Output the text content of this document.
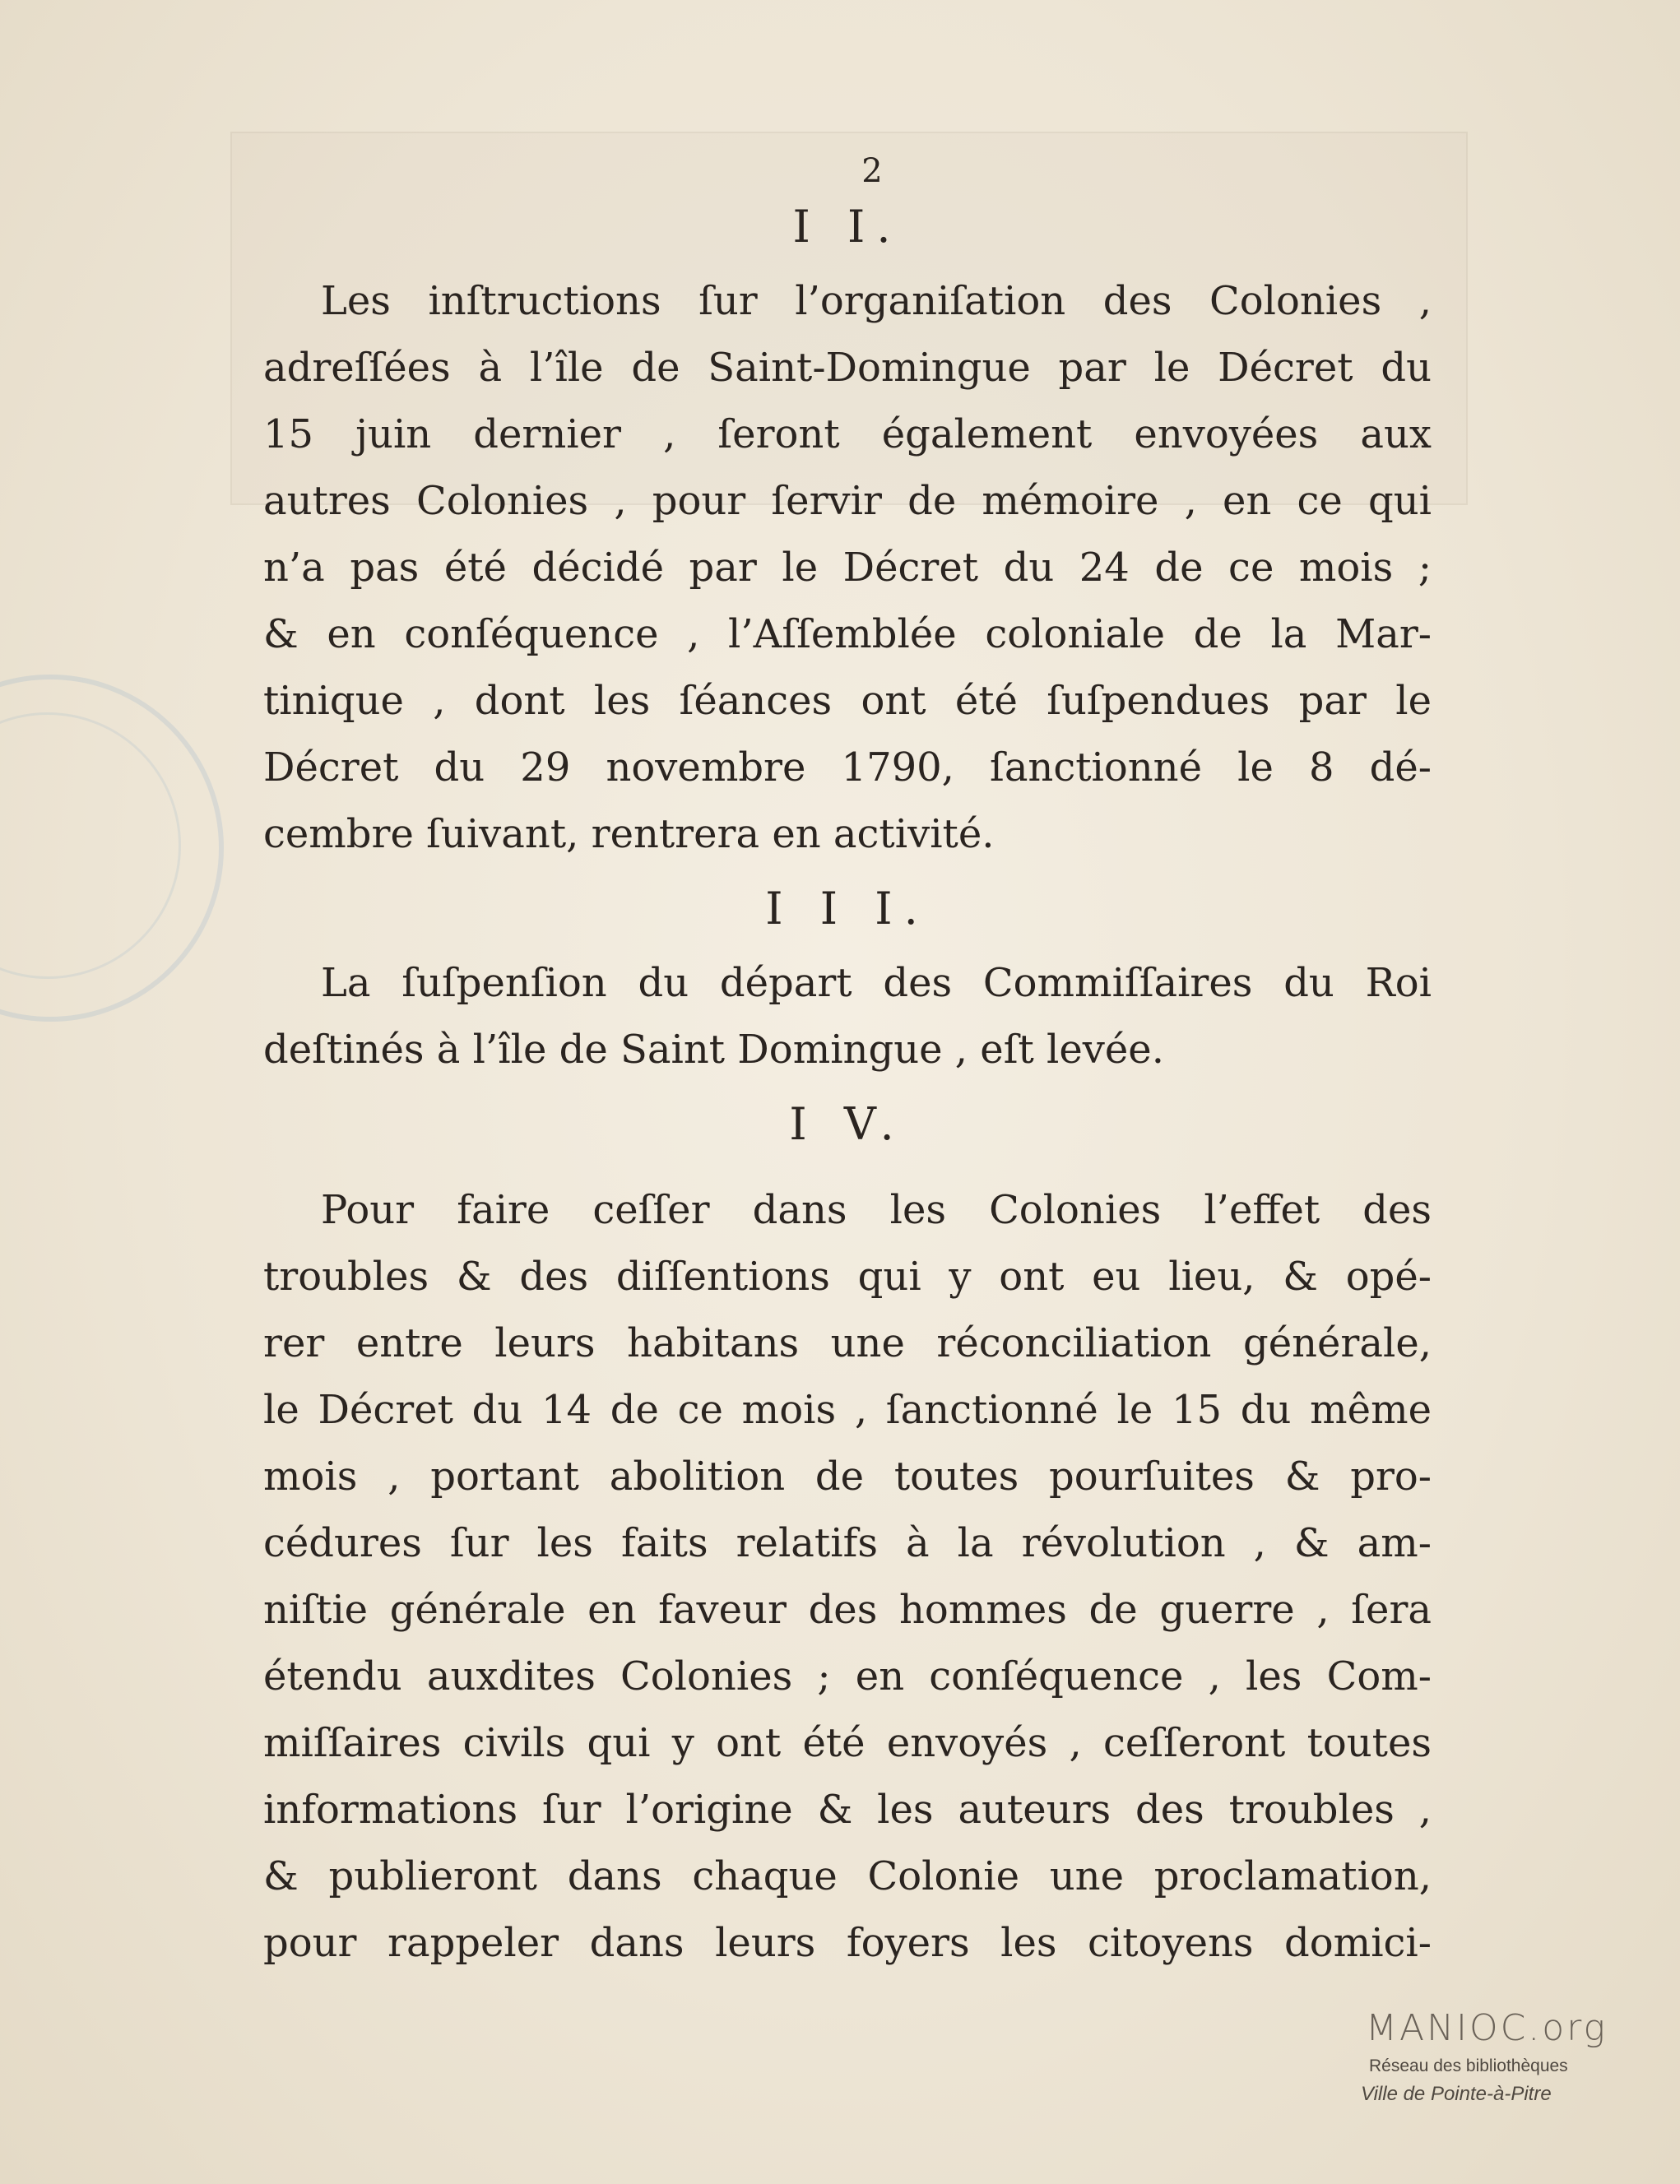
2
I I.
Les inſtructions ſur l’organiſation des Colonies ,
adreſſées à l’île de Saint-Domingue par le Décret du
15 juin dernier , ſeront également envoyées aux
autres Colonies , pour ſervir de mémoire , en ce qui
n’a pas été décidé par le Décret du 24 de ce mois ;
& en conſéquence , l’Aſſemblée coloniale de la Mar-
tinique , dont les ſéances ont été ſuſpendues par le
Décret du 29 novembre 1790, ſanctionné le 8 dé-
cembre ſuivant, rentrera en activité.
I I I.
La ſuſpenſion du départ des Commiſſaires du Roi
deſtinés à l’île de Saint Domingue , eſt levée.
I V.
Pour faire ceſſer dans les Colonies l’effet des
troubles & des diſſentions qui y ont eu lieu, & opé-
rer entre leurs habitans une réconciliation générale,
le Décret du 14 de ce mois , ſanctionné le 15 du même
mois , portant abolition de toutes pourſuites & pro-
cédures ſur les faits relatifs à la révolution , & am-
niſtie générale en faveur des hommes de guerre , ſera
étendu auxdites Colonies ; en conſéquence , les Com-
miſſaires civils qui y ont été envoyés , ceſſeront toutes
informations ſur l’origine & les auteurs des troubles ,
& publieront dans chaque Colonie une proclamation,
pour rappeler dans leurs foyers les citoyens domici-
MANIOC.org
Réseau des bibliothèques
Ville de Pointe-à-Pitre
